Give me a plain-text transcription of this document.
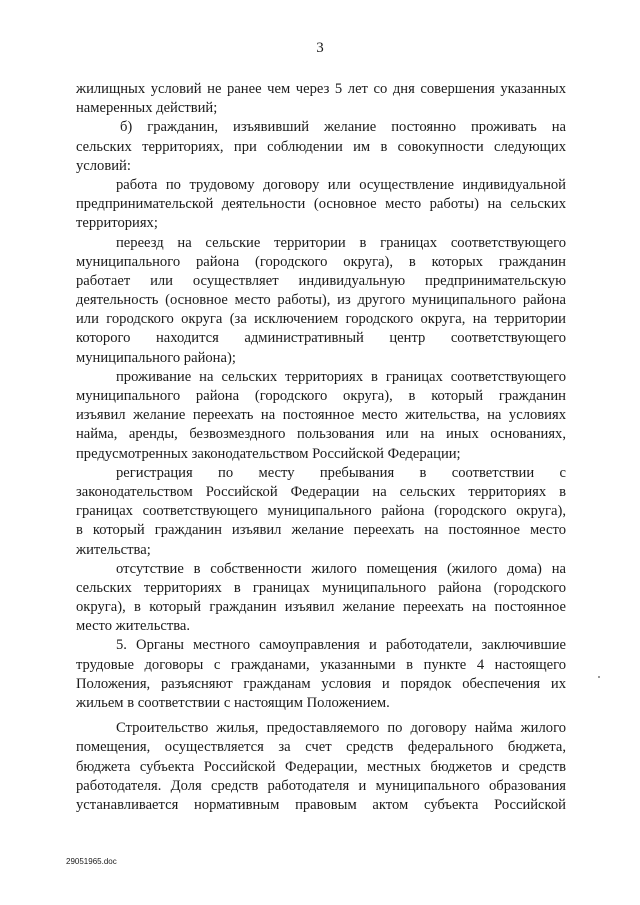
3
жилищных условий не ранее чем через 5 лет со дня совершения указанных
намеренных действий;
б) гражданин, изъявивший желание постоянно проживать на
сельских территориях, при соблюдении им в совокупности следующих
условий:
работа по трудовому договору или осуществление индивидуальной
предпринимательской деятельности (основное место работы) на сельских
территориях;
переезд на сельские территории в границах соответствующего
муниципального района (городского округа), в которых гражданин
работает или осуществляет индивидуальную предпринимательскую
деятельность (основное место работы), из другого муниципального района
или городского округа (за исключением городского округа, на территории
которого находится административный центр соответствующего
муниципального района);
проживание на сельских территориях в границах соответствующего
муниципального района (городского округа), в который гражданин
изъявил желание переехать на постоянное место жительства, на условиях
найма, аренды, безвозмездного пользования или на иных основаниях,
предусмотренных законодательством Российской Федерации;
регистрация по месту пребывания в соответствии с
законодательством Российской Федерации на сельских территориях в
границах соответствующего муниципального района (городского округа),
в который гражданин изъявил желание переехать на постоянное место
жительства;
отсутствие в собственности жилого помещения (жилого дома) на
сельских территориях в границах муниципального района (городского
округа), в который гражданин изъявил желание переехать на постоянное
место жительства.
5. Органы местного самоуправления и работодатели, заключившие
трудовые договоры с гражданами, указанными в пункте 4 настоящего
Положения, разъясняют гражданам условия и порядок обеспечения их
жильем в соответствии с настоящим Положением.
Строительство жилья, предоставляемого по договору найма жилого
помещения, осуществляется за счет средств федерального бюджета,
бюджета субъекта Российской Федерации, местных бюджетов и средств
работодателя. Доля средств работодателя и муниципального образования
устанавливается нормативным правовым актом субъекта Российской
29051965.doc
